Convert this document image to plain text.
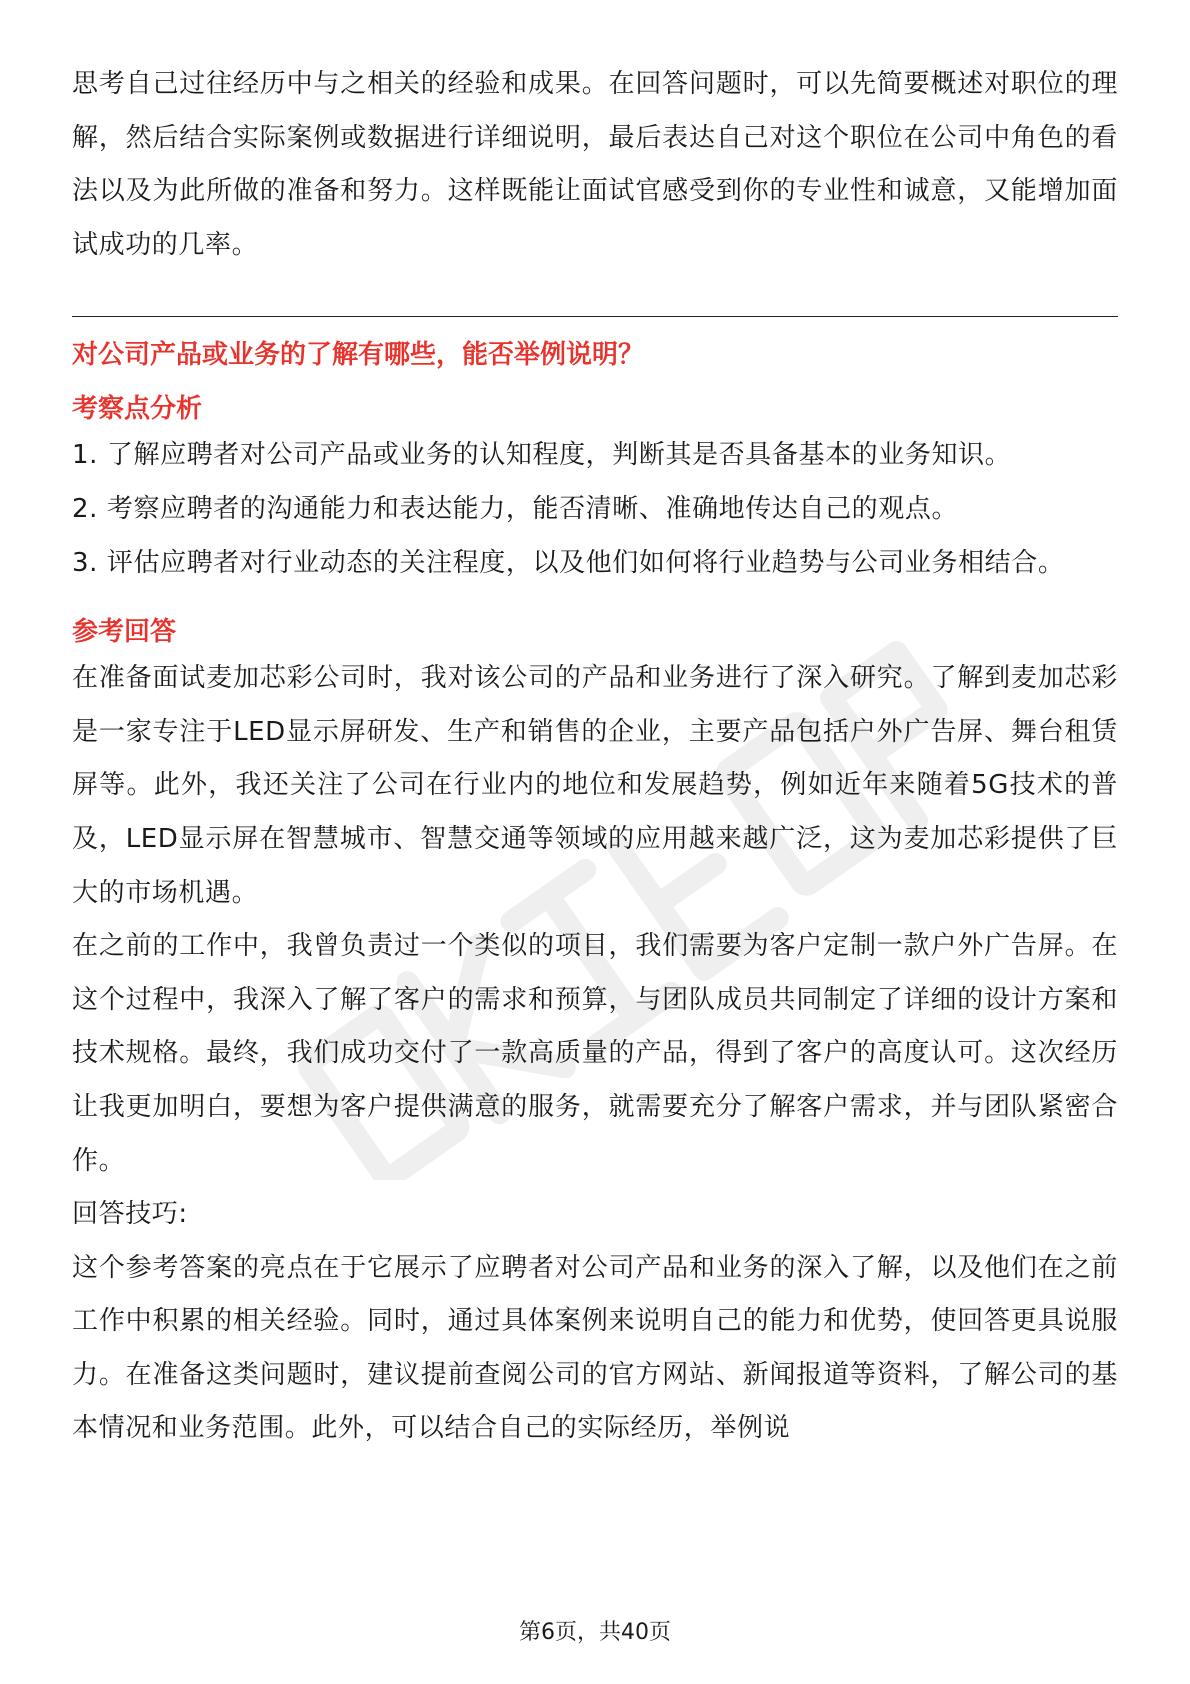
思考自己过往经历中与之相关的经验和成果。在回答问题时，可以先简要概述对职位的理解，然后结合实际案例或数据进行详细说明，最后表达自己对这个职位在公司中角色的看法以及为此所做的准备和努力。这样既能让面试官感受到你的专业性和诚意，又能增加面试成功的几率。

对公司产品或业务的了解有哪些，能否举例说明？

考察点分析

1. 了解应聘者对公司产品或业务的认知程度，判断其是否具备基本的业务知识。

2. 考察应聘者的沟通能力和表达能力，能否清晰、准确地传达自己的观点。

3. 评估应聘者对行业动态的关注程度，以及他们如何将行业趋势与公司业务相结合。

参考回答

在准备面试麦加芯彩公司时，我对该公司的产品和业务进行了深入研究。了解到麦加芯彩是一家专注于LED显示屏研发、生产和销售的企业，主要产品包括户外广告屏、舞台租赁屏等。此外，我还关注了公司在行业内的地位和发展趋势，例如近年来随着5G技术的普及，LED显示屏在智慧城市、智慧交通等领域的应用越来越广泛，这为麦加芯彩提供了巨大的市场机遇。

在之前的工作中，我曾负责过一个类似的项目，我们需要为客户定制一款户外广告屏。在这个过程中，我深入了解了客户的需求和预算，与团队成员共同制定了详细的设计方案和技术规格。最终，我们成功交付了一款高质量的产品，得到了客户的高度认可。这次经历让我更加明白，要想为客户提供满意的服务，就需要充分了解客户需求，并与团队紧密合作。

回答技巧:

这个参考答案的亮点在于它展示了应聘者对公司产品和业务的深入了解，以及他们在之前工作中积累的相关经验。同时，通过具体案例来说明自己的能力和优势，使回答更具说服力。在准备这类问题时，建议提前查阅公司的官方网站、新闻报道等资料，了解公司的基本情况和业务范围。此外，可以结合自己的实际经历，举例说

第6页，共40页
